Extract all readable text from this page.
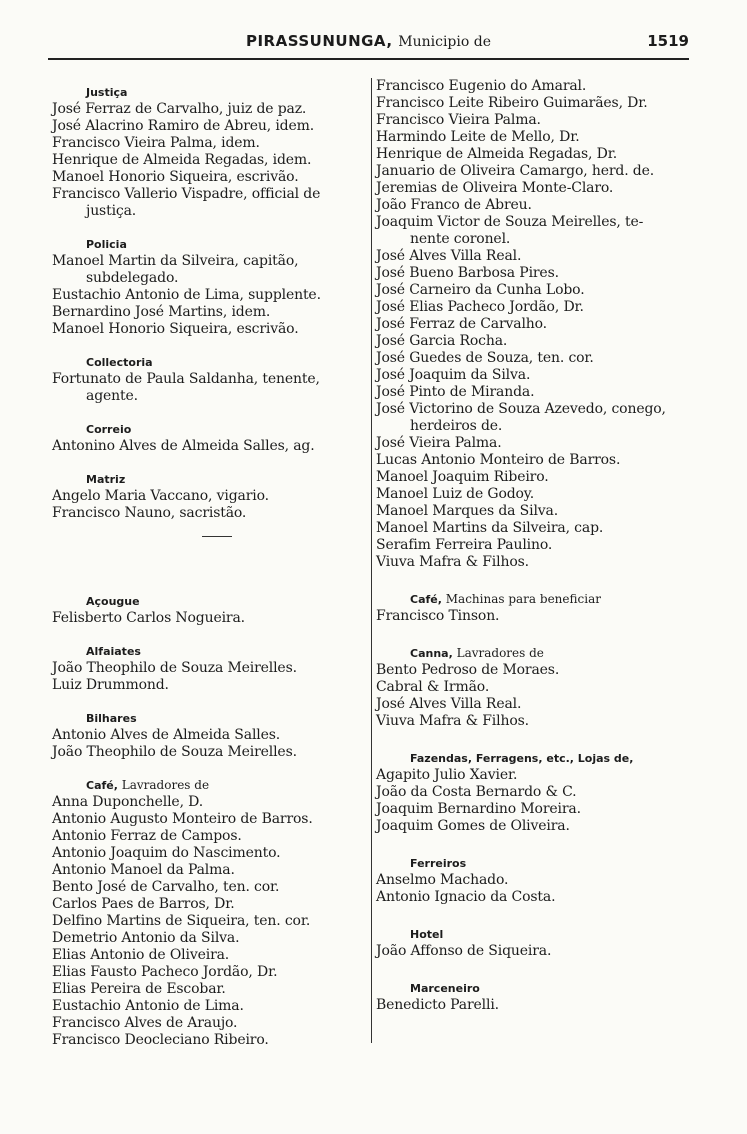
PIRASSUNUNGA, Municipio de	1519
Justiça
José Ferraz de Carvalho, juiz de paz.
José Alacrino Ramiro de Abreu, idem.
Francisco Vieira Palma, idem.
Henrique de Almeida Regadas, idem.
Manoel Honorio Siqueira, escrivão.
Francisco Vallerio Vispadre, official de
justiça.
Policia
Manoel Martin da Silveira, capitão,
subdelegado.
Eustachio Antonio de Lima, supplente.
Bernardino José Martins, idem.
Manoel Honorio Siqueira, escrivão.
Collectoria
Fortunato de Paula Saldanha, tenente,
agente.
Correio
Antonino Alves de Almeida Salles, ag.
Matriz
Angelo Maria Vaccano, vigario.
Francisco Nauno, sacristão.
Açougue
Felisberto Carlos Nogueira.
Alfaiates
João Theophilo de Souza Meirelles.
Luiz Drummond.
Bilhares
Antonio Alves de Almeida Salles.
João Theophilo de Souza Meirelles.
Café, Lavradores de
Anna Duponchelle, D.
Antonio Augusto Monteiro de Barros.
Antonio Ferraz de Campos.
Antonio Joaquim do Nascimento.
Antonio Manoel da Palma.
Bento José de Carvalho, ten. cor.
Carlos Paes de Barros, Dr.
Delfino Martins de Siqueira, ten. cor.
Demetrio Antonio da Silva.
Elias Antonio de Oliveira.
Elias Fausto Pacheco Jordão, Dr.
Elias Pereira de Escobar.
Eustachio Antonio de Lima.
Francisco Alves de Araujo.
Francisco Deocleciano Ribeiro.
Francisco Eugenio do Amaral.
Francisco Leite Ribeiro Guimarães, Dr.
Francisco Vieira Palma.
Harmindo Leite de Mello, Dr.
Henrique de Almeida Regadas, Dr.
Januario de Oliveira Camargo, herd. de.
Jeremias de Oliveira Monte-Claro.
João Franco de Abreu.
Joaquim Victor de Souza Meirelles, te-
nente coronel.
José Alves Villa Real.
José Bueno Barbosa Pires.
José Carneiro da Cunha Lobo.
José Elias Pacheco Jordão, Dr.
José Ferraz de Carvalho.
José Garcia Rocha.
José Guedes de Souza, ten. cor.
José Joaquim da Silva.
José Pinto de Miranda.
José Victorino de Souza Azevedo, conego,
herdeiros de.
José Vieira Palma.
Lucas Antonio Monteiro de Barros.
Manoel Joaquim Ribeiro.
Manoel Luiz de Godoy.
Manoel Marques da Silva.
Manoel Martins da Silveira, cap.
Serafim Ferreira Paulino.
Viuva Mafra & Filhos.
Café, Machinas para beneficiar
Francisco Tinson.
Canna, Lavradores de
Bento Pedroso de Moraes.
Cabral & Irmão.
José Alves Villa Real.
Viuva Mafra & Filhos.
Fazendas, Ferragens, etc., Lojas de,
Agapito Julio Xavier.
João da Costa Bernardo & C.
Joaquim Bernardino Moreira.
Joaquim Gomes de Oliveira.
Ferreiros
Anselmo Machado.
Antonio Ignacio da Costa.
Hotel
João Affonso de Siqueira.
Marceneiro
Benedicto Parelli.
